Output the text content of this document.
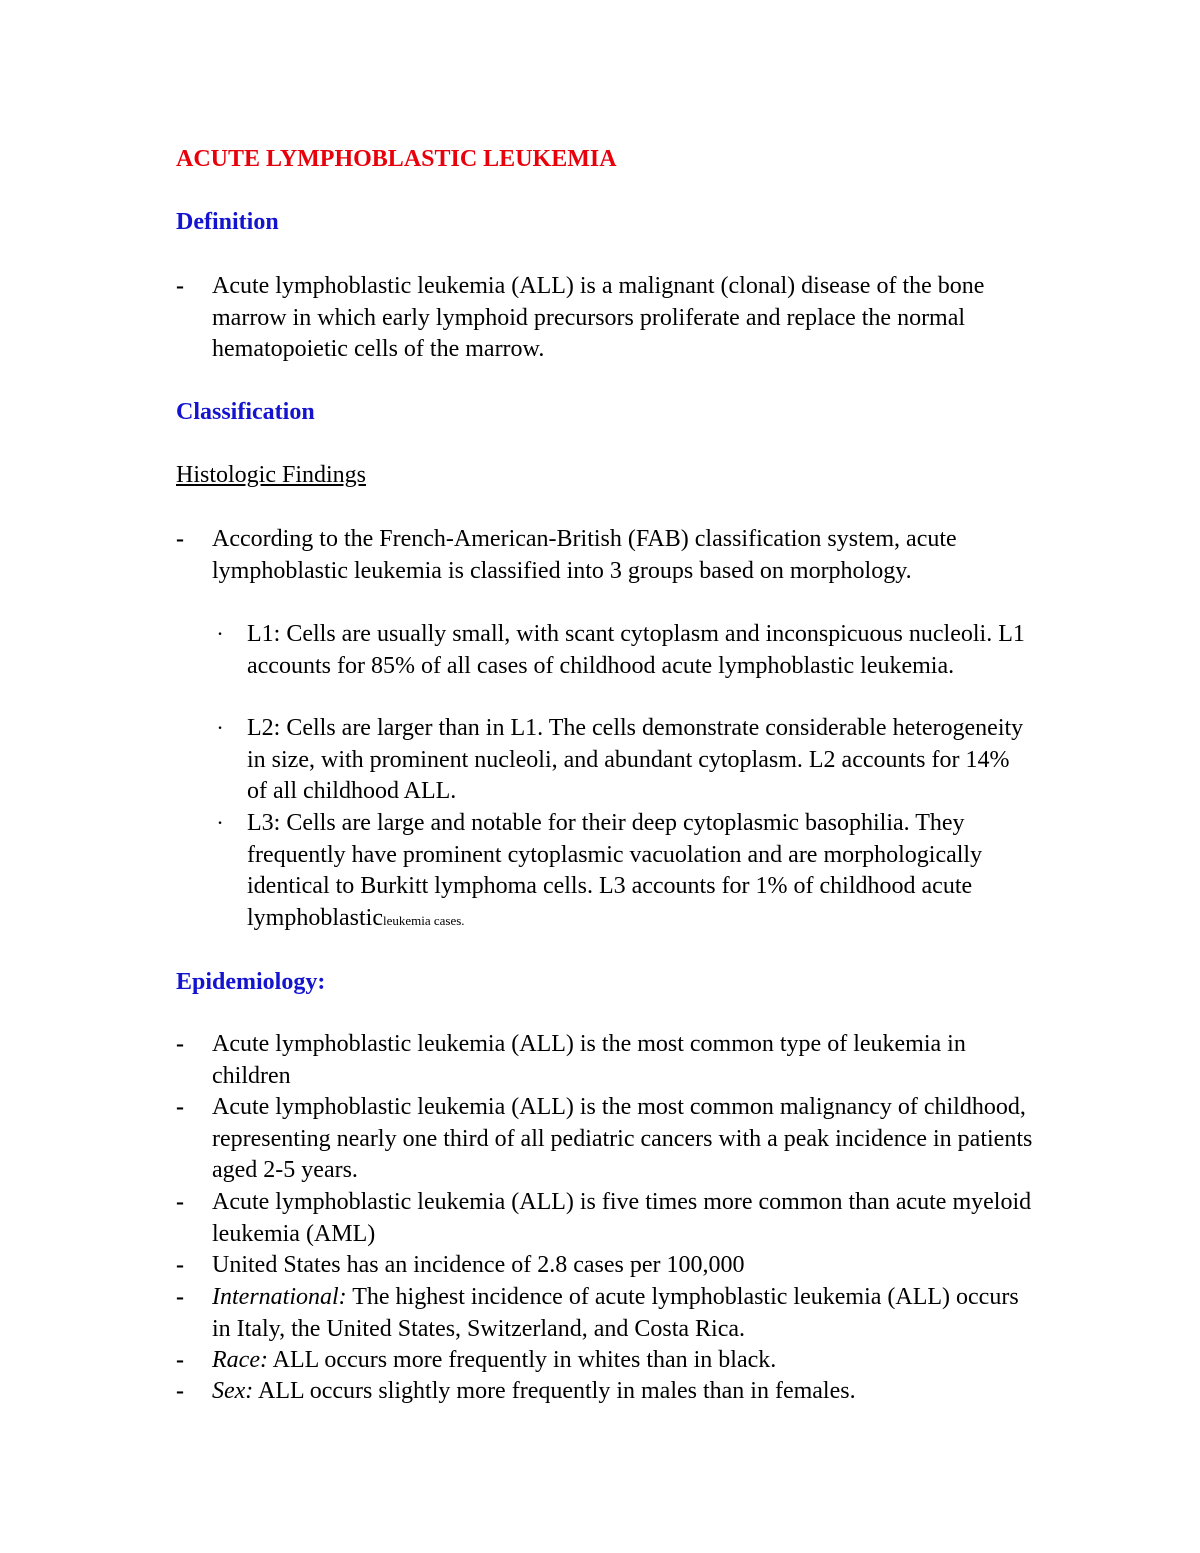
ACUTE LYMPHOBLASTIC LEUKEMIA
Definition
-	Acute lymphoblastic leukemia (ALL) is a malignant (clonal) disease of the bone marrow in which early lymphoid precursors proliferate and replace the normal hematopoietic cells of the marrow.
Classification
Histologic Findings
-	According to the French-American-British (FAB) classification system, acute lymphoblastic leukemia is classified into 3 groups based on morphology.
· L1: Cells are usually small, with scant cytoplasm and inconspicuous nucleoli. L1 accounts for 85% of all cases of childhood acute lymphoblastic leukemia.
· L2: Cells are larger than in L1. The cells demonstrate considerable heterogeneity in size, with prominent nucleoli, and abundant cytoplasm. L2 accounts for 14% of all childhood ALL.
· L3: Cells are large and notable for their deep cytoplasmic basophilia. They frequently have prominent cytoplasmic vacuolation and are morphologically identical to Burkitt lymphoma cells. L3 accounts for 1% of childhood acute lymphoblasticleukemia cases.
Epidemiology:
-	Acute lymphoblastic leukemia (ALL) is the most common type of leukemia in children
-	Acute lymphoblastic leukemia (ALL) is the most common malignancy of childhood, representing nearly one third of all pediatric cancers with a peak incidence in patients aged 2-5 years.
-	Acute lymphoblastic leukemia (ALL) is five times more common than acute myeloid leukemia (AML)
-	United States has an incidence of 2.8 cases per 100,000
-	International: The highest incidence of acute lymphoblastic leukemia (ALL) occurs in Italy, the United States, Switzerland, and Costa Rica.
-	Race: ALL occurs more frequently in whites than in black.
-	Sex: ALL occurs slightly more frequently in males than in females.
